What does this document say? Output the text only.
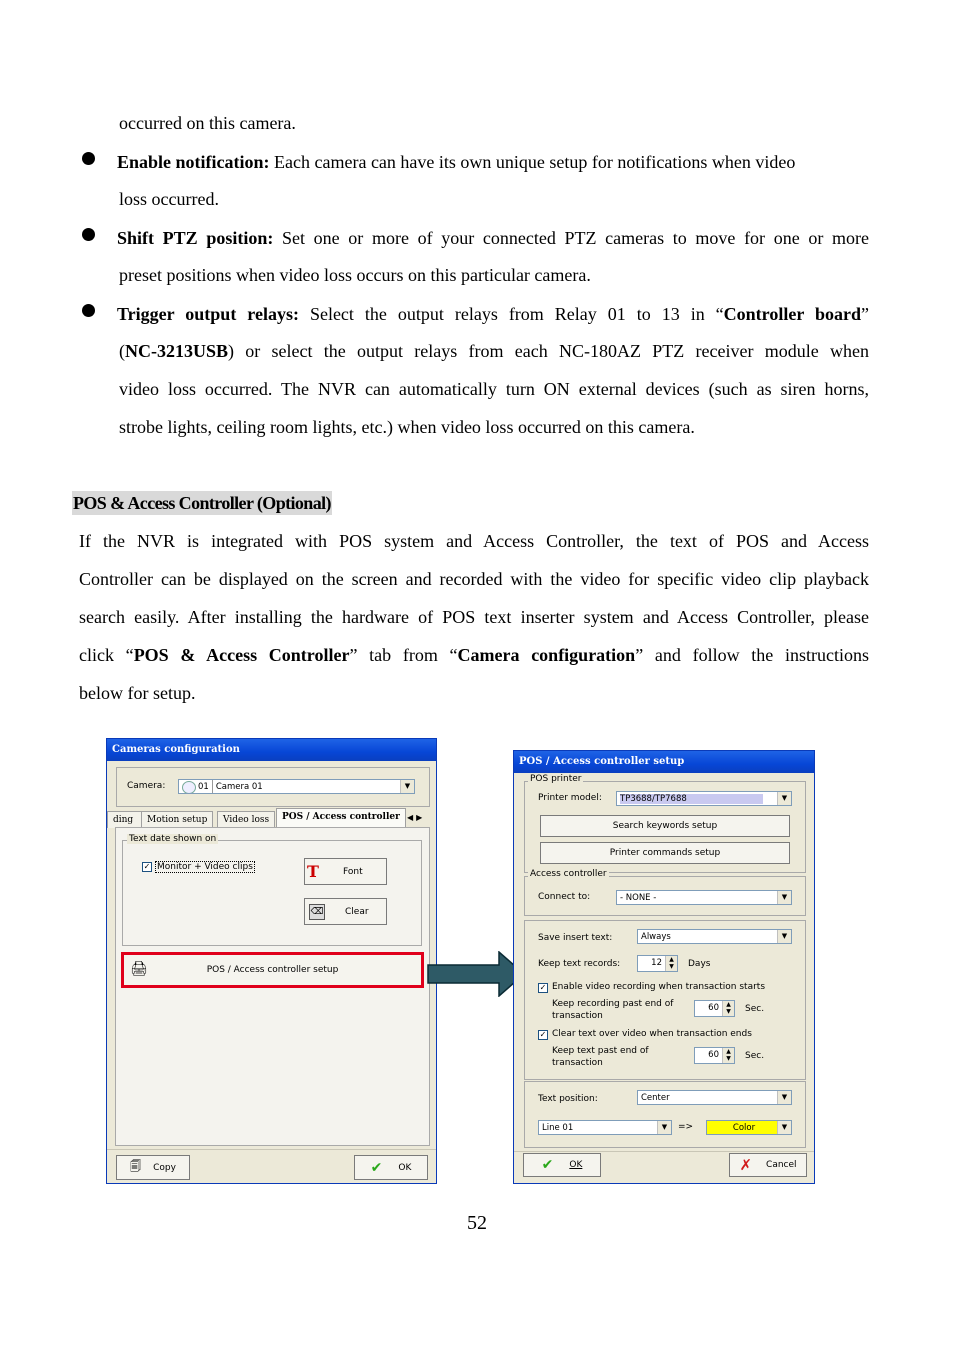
occurred on this camera.
Enable notification: Each camera can have its own unique setup for notifications when video
loss occurred.
Shift PTZ position: Set one or more of your connected PTZ cameras to move for one or more
preset positions when video loss occurs on this particular camera.
Trigger output relays: Select the output relays from Relay 01 to 13 in “Controller board”
(NC-3213USB) or select the output relays from each NC-180AZ PTZ receiver module when
video loss occurred. The NVR can automatically turn ON external devices (such as siren horns,
strobe lights, ceiling room lights, etc.) when video loss occurred on this camera.
POS & Access Controller (Optional)
If the NVR is integrated with POS system and Access Controller, the text of POS and Access
Controller can be displayed on the screen and recorded with the video for specific video clip playback
search easily. After installing the hardware of POS text inserter system and Access Controller, please
click “POS & Access Controller” tab from “Camera configuration” and follow the instructions
below for setup.
Cameras configuration
Camera:	01 Camera 01	▼
ding	Motion setup	Video loss	POS / Access controller ◀▶
Text date shown on
✓ Monitor + Video clips	T	Font
⌫ Clear
🖨	POS / Access controller setup
🗐 Copy	✔ OK
POS / Access controller setup
POS printer
Printer model:	TP3688/TP7688	▼
Search keywords setup
Printer commands setup
Access controller
Connect to:	- NONE -	▼
Save insert text:	Always	▼
Keep text records:	12	▲
▼	Days
✓ Enable video recording when transaction starts
Keep recording past end of
transaction
60	▲
▼	Sec.
✓ Clear text over video when transaction ends
Keep text past end of
transaction
60	▲
▼	Sec.
Text position:	Center	▼
Line 01	▼	=>	Color	▼
✔ OK	✗ Cancel
52
